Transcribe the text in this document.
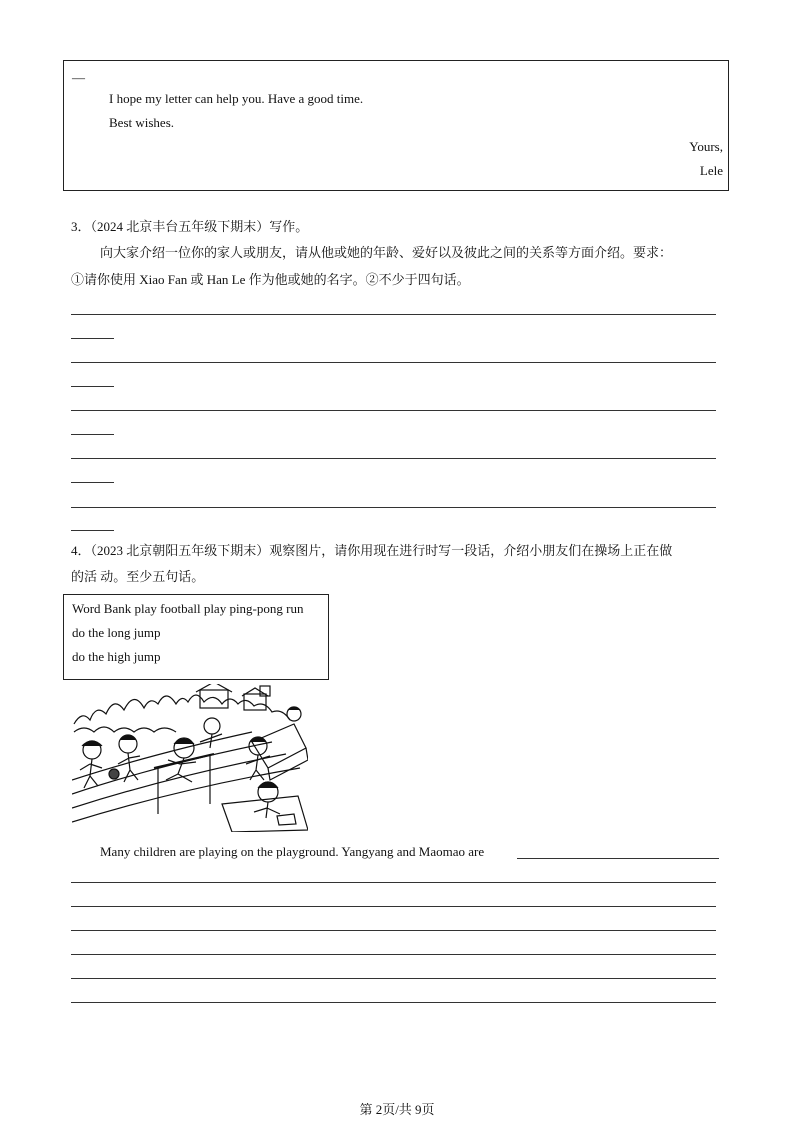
—
I hope my letter can help you. Have a good time.
Best wishes.
Yours,
Lele
3．（2024 北京丰台五年级下期末）写作。
向大家介绍一位你的家人或朋友，请从他或她的年龄、爱好以及彼此之间的关系等方面介绍。要求：
①请你使用 Xiao Fan 或 Han Le 作为他或她的名字。②不少于四句话。
4．（2023 北京朝阳五年级下期末）观察图片，请你用现在进行时写一段话，介绍小朋友们在操场上正在做
的活 动。至少五句话。
Word Bank play football play ping-pong run
do the long jump
do the high jump
Many children are playing on the playground. Yangyang and Maomao are
第 2页/共 9页
